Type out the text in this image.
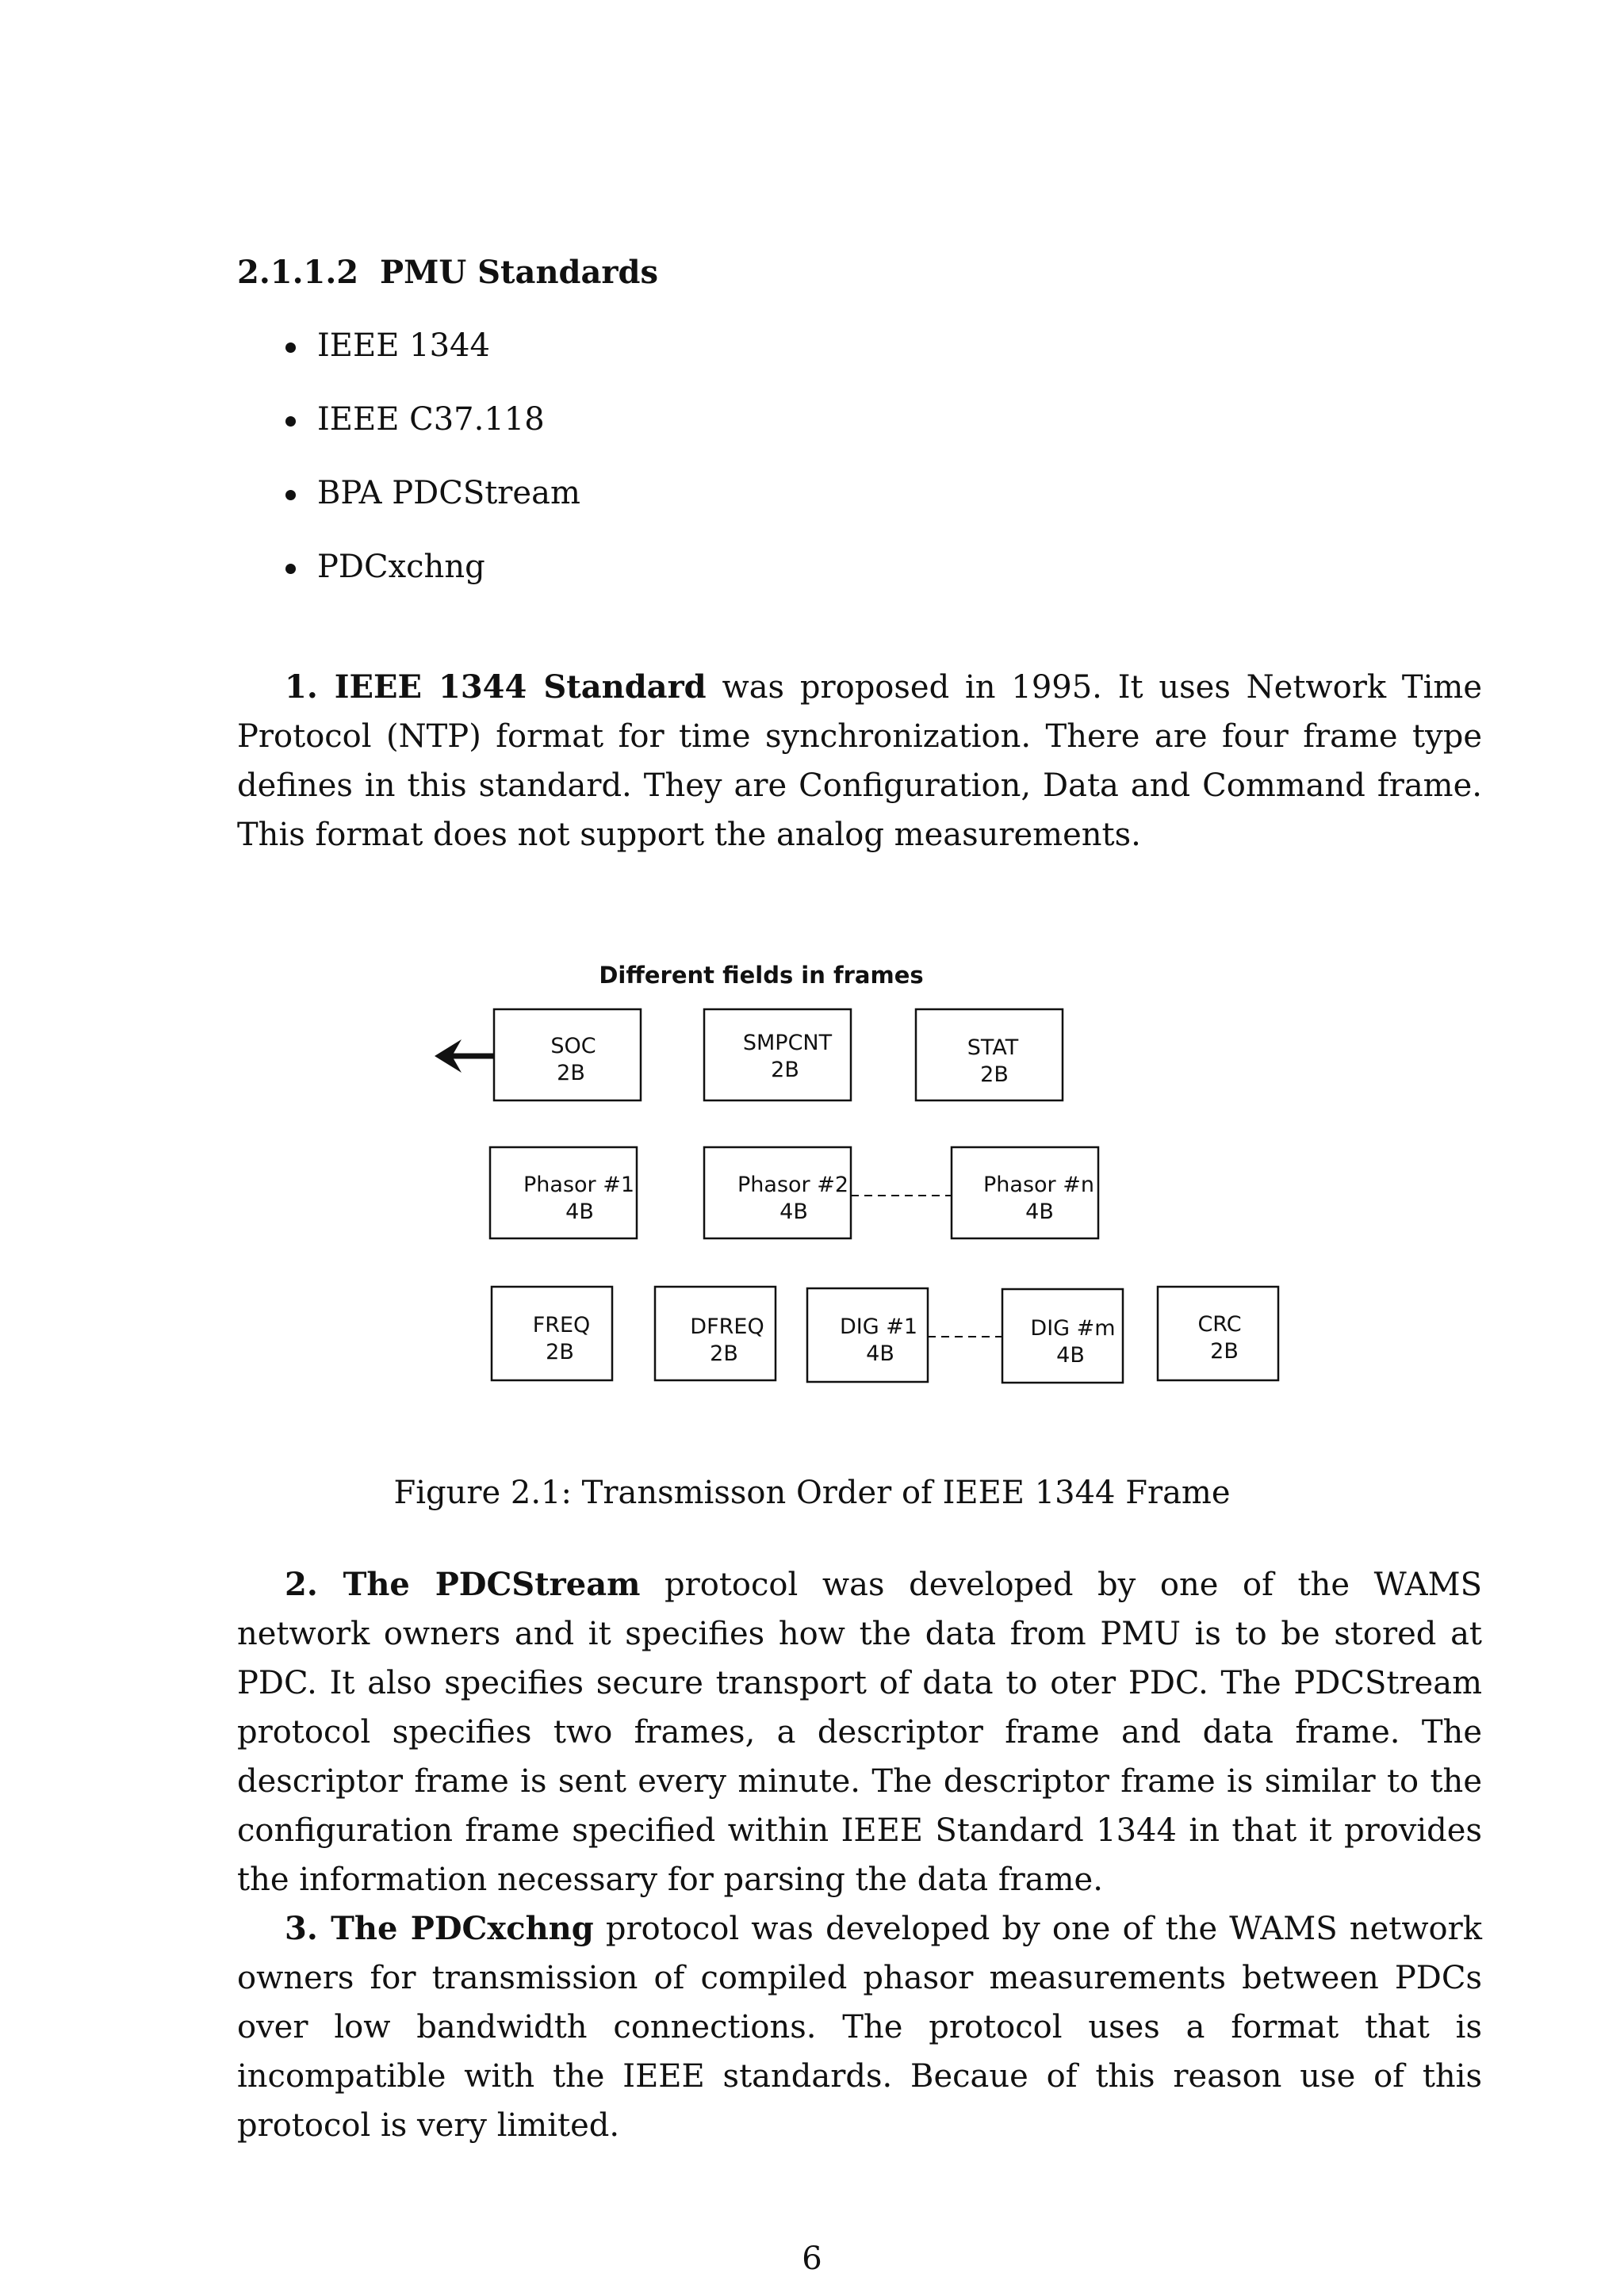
2.1.1.2 PMU Standards
IEEE 1344
IEEE C37.118
BPA PDCStream
PDCxchng

1. IEEE 1344 Standard was proposed in 1995. It uses Network Time Protocol (NTP) format for time synchronization. There are four frame type defines in this standard. They are Configuration, Data and Command frame. This format does not support the analog measurements.

Different fields in frames
SOC
2B
SMPCNT
2B
STAT
2B
Phasor #1
4B
Phasor #2
4B
Phasor #n
4B
FREQ
2B
DFREQ
2B
DIG #1
4B
DIG #m
4B
CRC
2B
Figure 2.1: Transmisson Order of IEEE 1344 Frame

2. The PDCStream protocol was developed by one of the WAMS network owners and it specifies how the data from PMU is to be stored at PDC. It also specifies secure transport of data to oter PDC. The PDCStream protocol specifies two frames, a descriptor frame and data frame. The descriptor frame is sent every minute. The descriptor frame is similar to the configuration frame specified within IEEE Standard 1344 in that it provides the information necessary for parsing the data frame.

3. The PDCxchng protocol was developed by one of the WAMS network owners for transmission of compiled phasor measurements between PDCs over low bandwidth connections. The protocol uses a format that is incompatible with the IEEE standards. Becaue of this reason use of this protocol is very limited.

6
